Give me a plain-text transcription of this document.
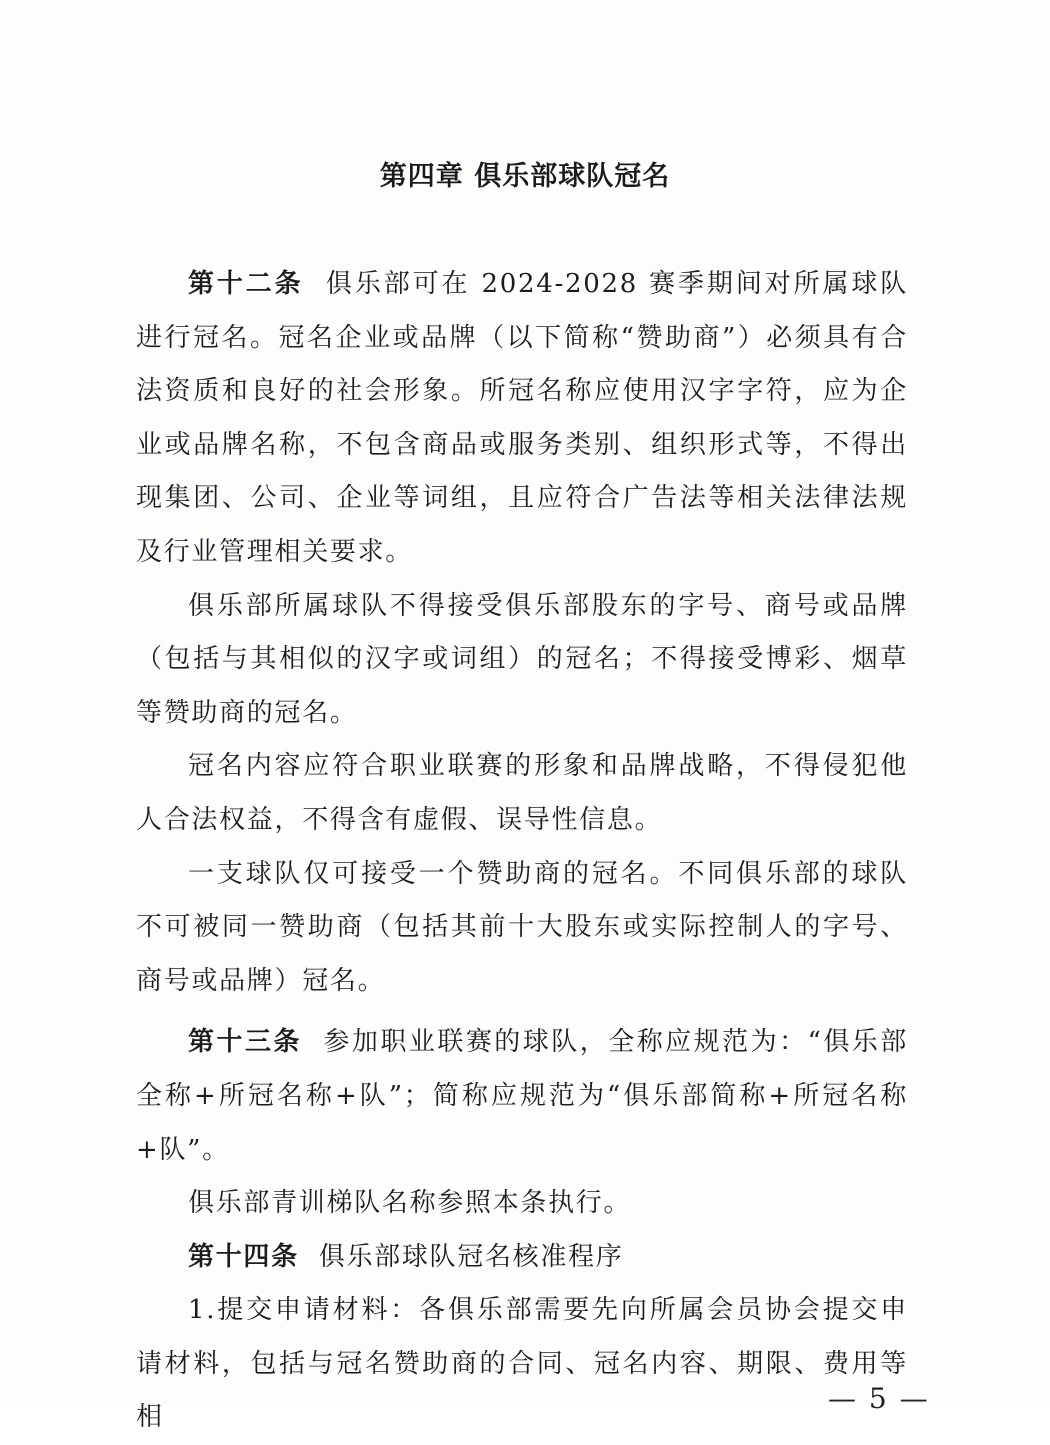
第四章 俱乐部球队冠名

第十二条 俱乐部可在 2024-2028 赛季期间对所属球队进行冠名。冠名企业或品牌（以下简称“赞助商”）必须具有合法资质和良好的社会形象。所冠名称应使用汉字字符，应为企业或品牌名称，不包含商品或服务类别、组织形式等，不得出现集团、公司、企业等词组，且应符合广告法等相关法律法规及行业管理相关要求。

俱乐部所属球队不得接受俱乐部股东的字号、商号或品牌（包括与其相似的汉字或词组）的冠名；不得接受博彩、烟草等赞助商的冠名。

冠名内容应符合职业联赛的形象和品牌战略，不得侵犯他人合法权益，不得含有虚假、误导性信息。

一支球队仅可接受一个赞助商的冠名。不同俱乐部的球队不可被同一赞助商（包括其前十大股东或实际控制人的字号、商号或品牌）冠名。

第十三条 参加职业联赛的球队，全称应规范为：“俱乐部全称+所冠名称+队”；简称应规范为“俱乐部简称+所冠名称+队”。

俱乐部青训梯队名称参照本条执行。

第十四条 俱乐部球队冠名核准程序

1.提交申请材料：各俱乐部需要先向所属会员协会提交申请材料，包括与冠名赞助商的合同、冠名内容、期限、费用等相

— 5 —
